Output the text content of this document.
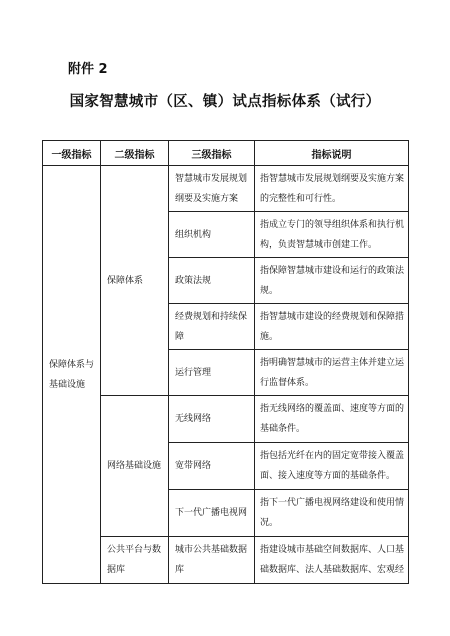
附件 2
国家智慧城市（区、镇）试点指标体系（试行）
一级指标	二级指标	三级指标	指标说明
保障体系与基础设施	保障体系	智慧城市发展规划纲要及实施方案	指智慧城市发展规划纲要及实施方案的完整性和可行性。
		组织机构	指成立专门的领导组织体系和执行机构，负责智慧城市创建工作。
		政策法规	指保障智慧城市建设和运行的政策法规。
		经费规划和持续保障	指智慧城市建设的经费规划和保障措施。
		运行管理	指明确智慧城市的运营主体并建立运行监督体系。
	网络基础设施	无线网络	指无线网络的覆盖面、速度等方面的基础条件。
		宽带网络	指包括光纤在内的固定宽带接入覆盖面、接入速度等方面的基础条件。
		下一代广播电视网	指下一代广播电视网络建设和使用情况。
	公共平台与数据库	城市公共基础数据库	指建设城市基础空间数据库、人口基础数据库、法人基础数据库、宏观经
